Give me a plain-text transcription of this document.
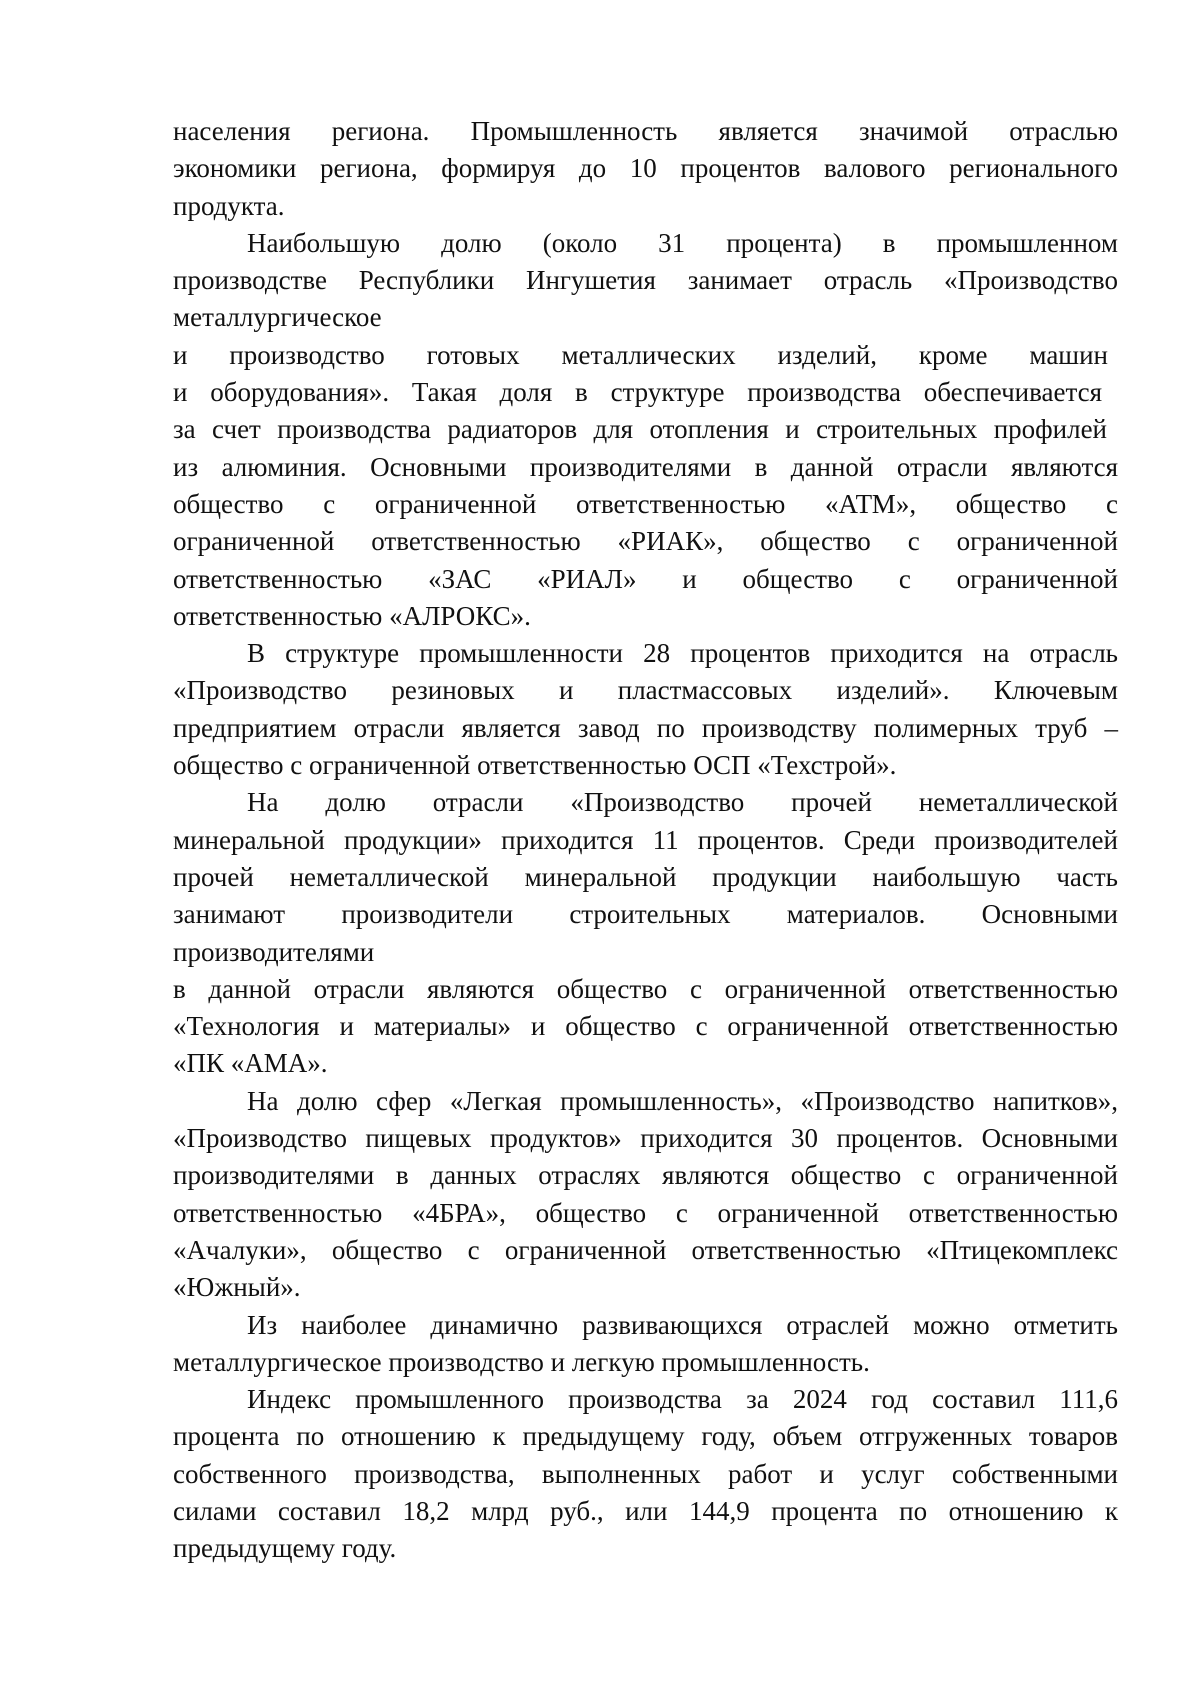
населения региона. Промышленность является значимой отраслью
экономики региона, формируя до 10 процентов валового регионального
продукта.
Наибольшую долю (около 31 процента) в промышленном
производстве Республики Ингушетия занимает отрасль «Производство
металлургическое
и производство готовых металлических изделий, кроме машин
и оборудования». Такая доля в структуре производства обеспечивается
за счет производства радиаторов для отопления и строительных профилей
из алюминия. Основными производителями в данной отрасли являются
общество с ограниченной ответственностью «АТМ», общество с
ограниченной ответственностью «РИАК», общество с ограниченной
ответственностью «ЗАС «РИАЛ» и общество с ограниченной
ответственностью «АЛРОКС».
В структуре промышленности 28 процентов приходится на отрасль
«Производство резиновых и пластмассовых изделий». Ключевым
предприятием отрасли является завод по производству полимерных труб –
общество с ограниченной ответственностью ОСП «Техстрой».
На долю отрасли «Производство прочей неметаллической
минеральной продукции» приходится 11 процентов. Среди производителей
прочей неметаллической минеральной продукции наибольшую часть
занимают производители строительных материалов. Основными
производителями
в данной отрасли являются общество с ограниченной ответственностью
«Технология и материалы» и общество с ограниченной ответственностью
«ПК «АМА».
На долю сфер «Легкая промышленность», «Производство напитков»,
«Производство пищевых продуктов» приходится 30 процентов. Основными
производителями в данных отраслях являются общество с ограниченной
ответственностью «4БРА», общество с ограниченной ответственностью
«Ачалуки», общество с ограниченной ответственностью «Птицекомплекс
«Южный».
Из наиболее динамично развивающихся отраслей можно отметить
металлургическое производство и легкую промышленность.
Индекс промышленного производства за 2024 год составил 111,6
процента по отношению к предыдущему году, объем отгруженных товаров
собственного производства, выполненных работ и услуг собственными
силами составил 18,2 млрд руб., или 144,9 процента по отношению к
предыдущему году.
